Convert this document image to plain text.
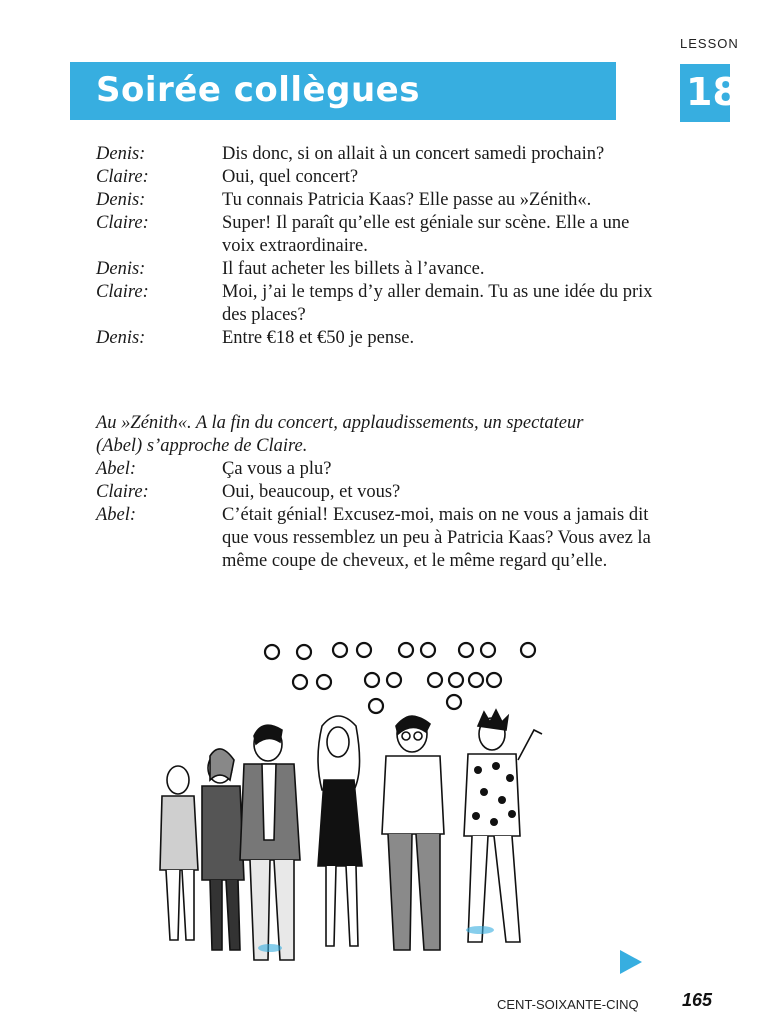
LESSON
18
Soirée collègues
Denis:	Dis donc, si on allait à un concert samedi prochain?
Claire:	Oui, quel concert?
Denis:	Tu connais Patricia Kaas? Elle passe au »Zénith«.
Claire:	Super! Il paraît qu’elle est géniale sur scène. Elle a une voix extraordinaire.
Denis:	Il faut acheter les billets à l’avance.
Claire:	Moi, j’ai le temps d’y aller demain. Tu as une idée du prix des places?
Denis:	Entre €18 et €50 je pense.
Au »Zénith«. A la fin du concert, applaudissements, un spectateur (Abel) s’approche de Claire.
Abel:	Ça vous a plu?
Claire:	Oui, beaucoup, et vous?
Abel:	C’était génial! Excusez-moi, mais on ne vous a jamais dit que vous ressemblez un peu à Patricia Kaas? Vous avez la même coupe de cheveux, et le même regard qu’elle.
CENT-SOIXANTE-CINQ 165
